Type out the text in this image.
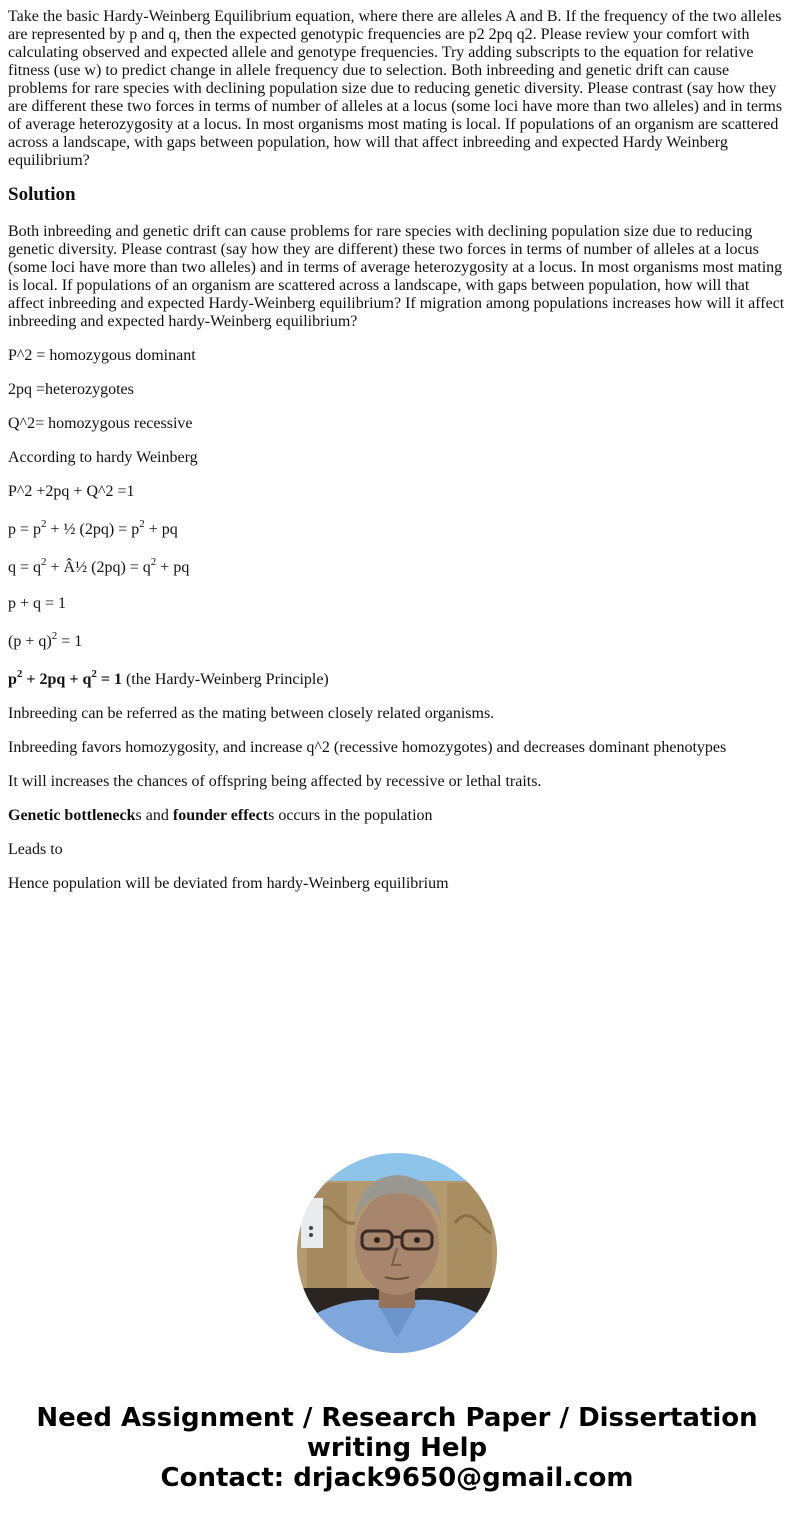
Take the basic Hardy-Weinberg Equilibrium equation, where there are alleles A and B. If the frequency of the two alleles are represented by p and q, then the expected genotypic frequencies are p2 2pq q2. Please review your comfort with calculating observed and expected allele and genotype frequencies. Try adding subscripts to the equation for relative fitness (use w) to predict change in allele frequency due to selection. Both inbreeding and genetic drift can cause problems for rare species with declining population size due to reducing genetic diversity. Please contrast (say how they are different these two forces in terms of number of alleles at a locus (some loci have more than two alleles) and in terms of average heterozygosity at a locus. In most organisms most mating is local. If populations of an organism are scattered across a landscape, with gaps between population, how will that affect inbreeding and expected Hardy Weinberg equilibrium?

Solution

Both inbreeding and genetic drift can cause problems for rare species with declining population size due to reducing genetic diversity. Please contrast (say how they are different) these two forces in terms of number of alleles at a locus (some loci have more than two alleles) and in terms of average heterozygosity at a locus. In most organisms most mating is local. If populations of an organism are scattered across a landscape, with gaps between population, how will that affect inbreeding and expected Hardy-Weinberg equilibrium? If migration among populations increases how will it affect inbreeding and expected hardy-Weinberg equilibrium?

P^2 = homozygous dominant

2pq =heterozygotes

Q^2= homozygous recessive

According to hardy Weinberg

P^2 +2pq + Q^2 =1

$p = p^2$ + ½ $(2pq) = p^2$ + pq

$q = q^2$ + Â½ $(2pq) = q^2$ + pq

p + q = 1

$(p + q)^2 = 1$

$p^2 + 2pq + q^2 = 1$ (the Hardy-Weinberg Principle)

Inbreeding can be referred as the mating between closely related organisms.

Inbreeding favors homozygosity, and increase q^2 (recessive homozygotes) and decreases dominant phenotypes

It will increases the chances of offspring being affected by recessive or lethal traits.

Genetic bottlenecks and founder effects occurs in the population

Leads to

Hence population will be deviated from hardy-Weinberg equilibrium

Need Assignment / Research Paper / Dissertation
writing Help
Contact: drjack9650@gmail.com
